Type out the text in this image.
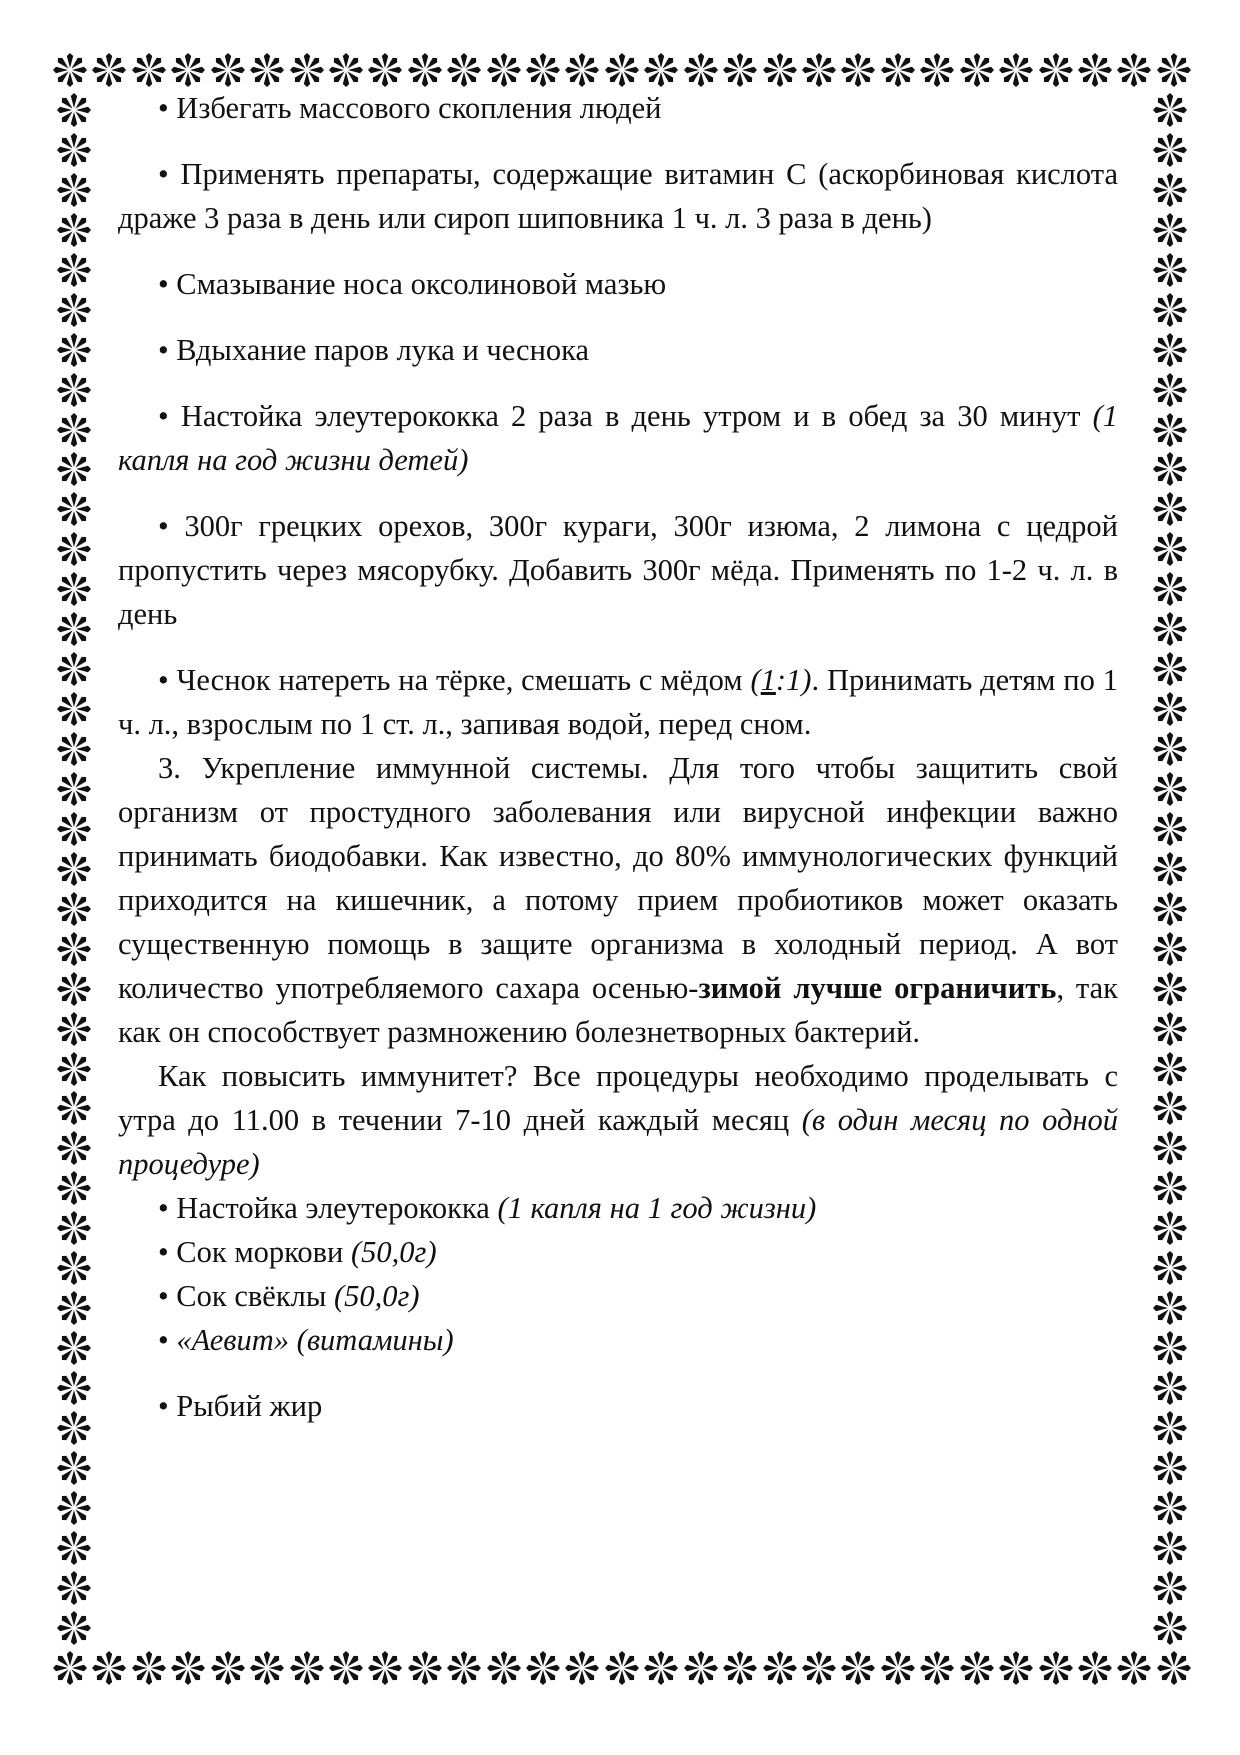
• Избегать массового скопления людей

• Применять препараты, содержащие витамин С (аскорбиновая кислота драже 3 раза в день или сироп шиповника 1 ч. л. 3 раза в день)

• Смазывание носа оксолиновой мазью

• Вдыхание паров лука и чеснока

• Настойка элеутерококка 2 раза в день утром и в обед за 30 минут (1 капля на год жизни детей)

• 300г грецких орехов, 300г кураги, 300г изюма, 2 лимона с цедрой пропустить через мясорубку. Добавить 300г мёда. Применять по 1-2 ч. л. в день

• Чеснок натереть на тёрке, смешать с мёдом (1:1). Принимать детям по 1 ч. л., взрослым по 1 ст. л., запивая водой, перед сном.

3. Укрепление иммунной системы. Для того чтобы защитить свой организм от простудного заболевания или вирусной инфекции важно принимать биодобавки. Как известно, до 80% иммунологических функций приходится на кишечник, а потому прием пробиотиков может оказать существенную помощь в защите организма в холодный период. А вот количество употребляемого сахара осенью-зимой лучше ограничить, так как он способствует размножению болезнетворных бактерий.

Как повысить иммунитет? Все процедуры необходимо проделывать с утра до 11.00 в течении 7-10 дней каждый месяц (в один месяц по одной процедуре)

• Настойка элеутерококка (1 капля на 1 год жизни)

• Сок моркови (50,0г)

• Сок свёклы (50,0г)

• «Аевит» (витамины)

• Рыбий жир
